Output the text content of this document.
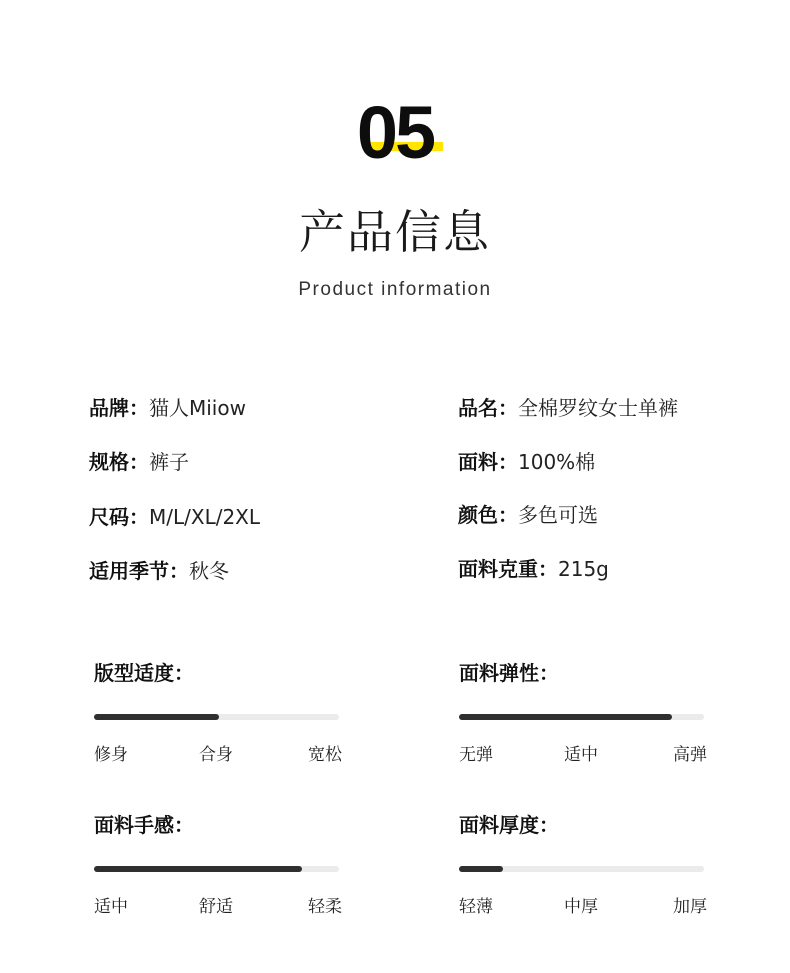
05
产品信息
Product information
品牌：猫人Miiow
规格：裤子
尺码：M/L/XL/2XL
适用季节：秋冬
品名：全棉罗纹女士单裤
面料：100%棉
颜色：多色可选
面料克重：215g
版型适度：
修身	合身	宽松
面料弹性：
无弹	适中	高弹
面料手感：
适中	舒适	轻柔
面料厚度：
轻薄	中厚	加厚
